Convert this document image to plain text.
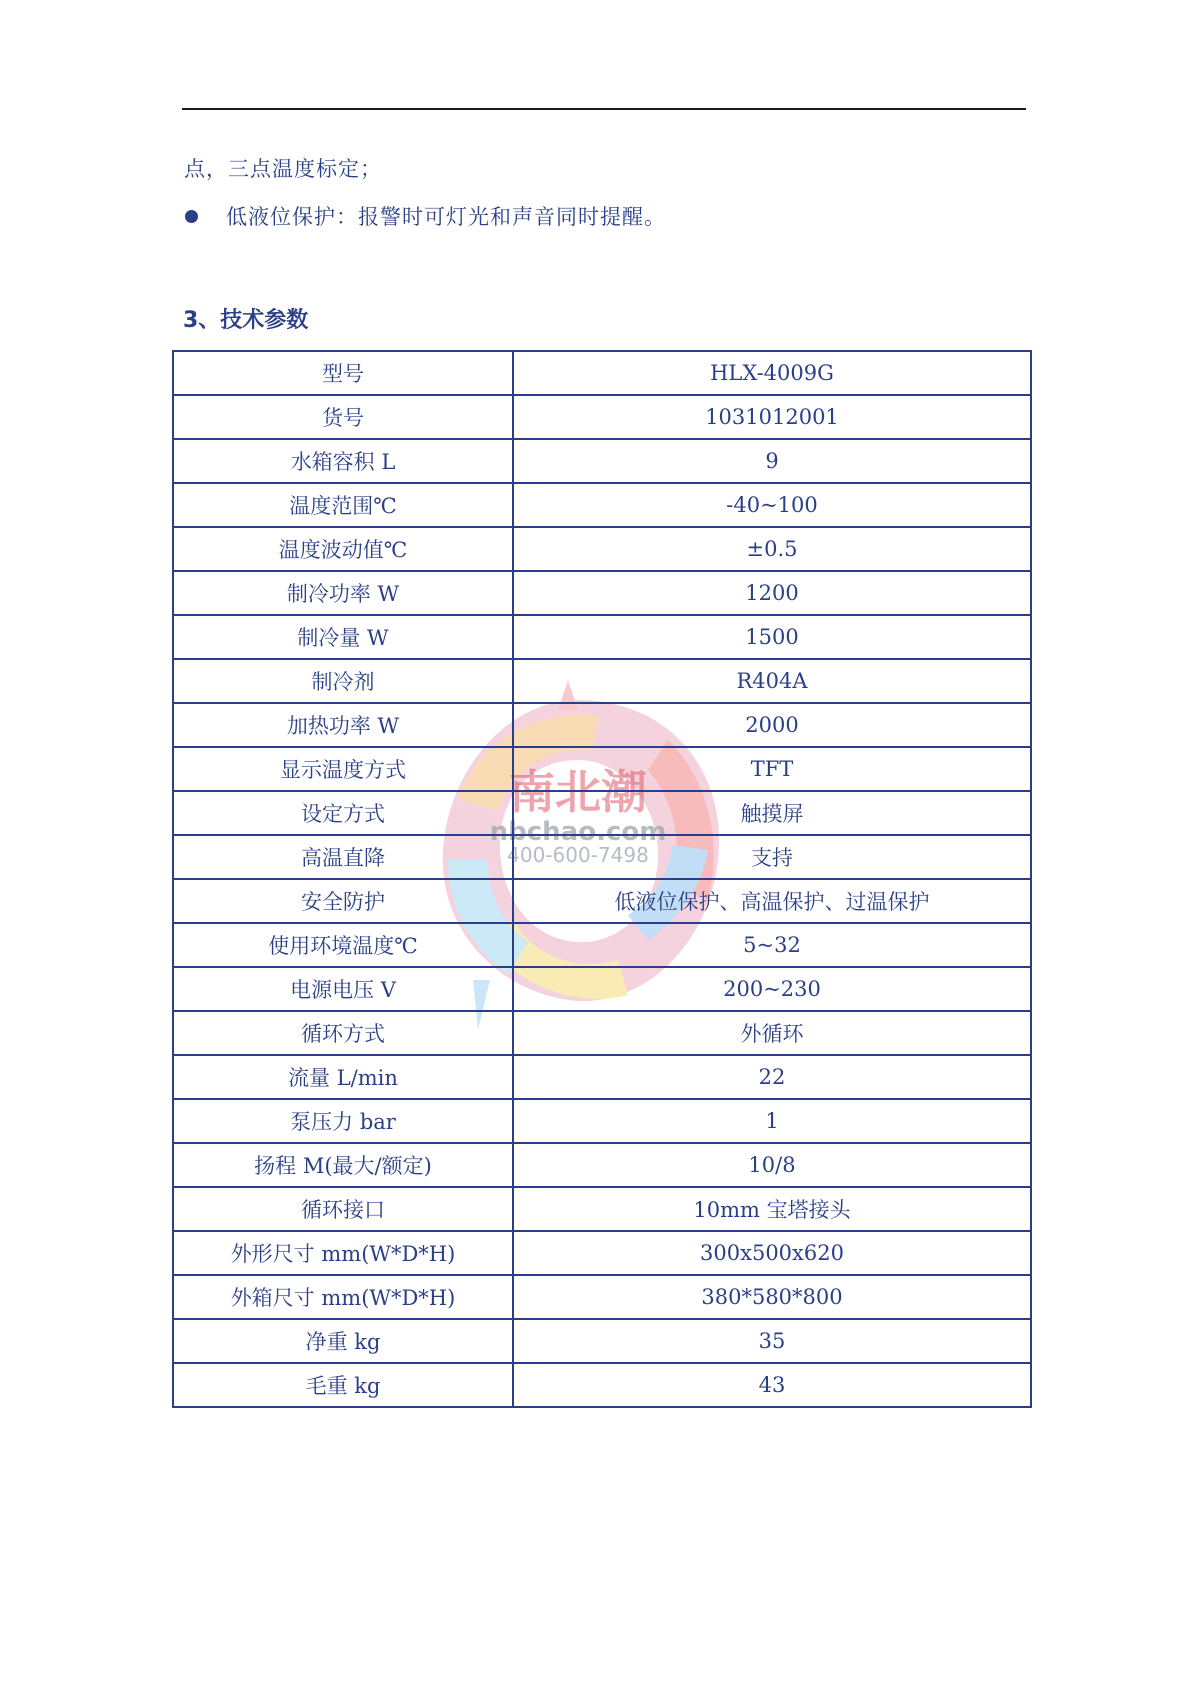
点，三点温度标定；
低液位保护：报警时可灯光和声音同时提醒。
3、技术参数
南北潮
nbchao.com
400-600-7498
型号	HLX-4009G
货号	1031012001
水箱容积 L	9
温度范围℃	-40~100
温度波动值℃	±0.5
制冷功率 W	1200
制冷量 W	1500
制冷剂	R404A
加热功率 W	2000
显示温度方式	TFT
设定方式	触摸屏
高温直降	支持
安全防护	低液位保护、高温保护、过温保护
使用环境温度℃	5~32
电源电压 V	200~230
循环方式	外循环
流量 L/min	22
泵压力 bar	1
扬程 M(最大/额定)	10/8
循环接口	10mm 宝塔接头
外形尺寸 mm(W*D*H)	300x500x620
外箱尺寸 mm(W*D*H)	380*580*800
净重 kg	35
毛重 kg	43
